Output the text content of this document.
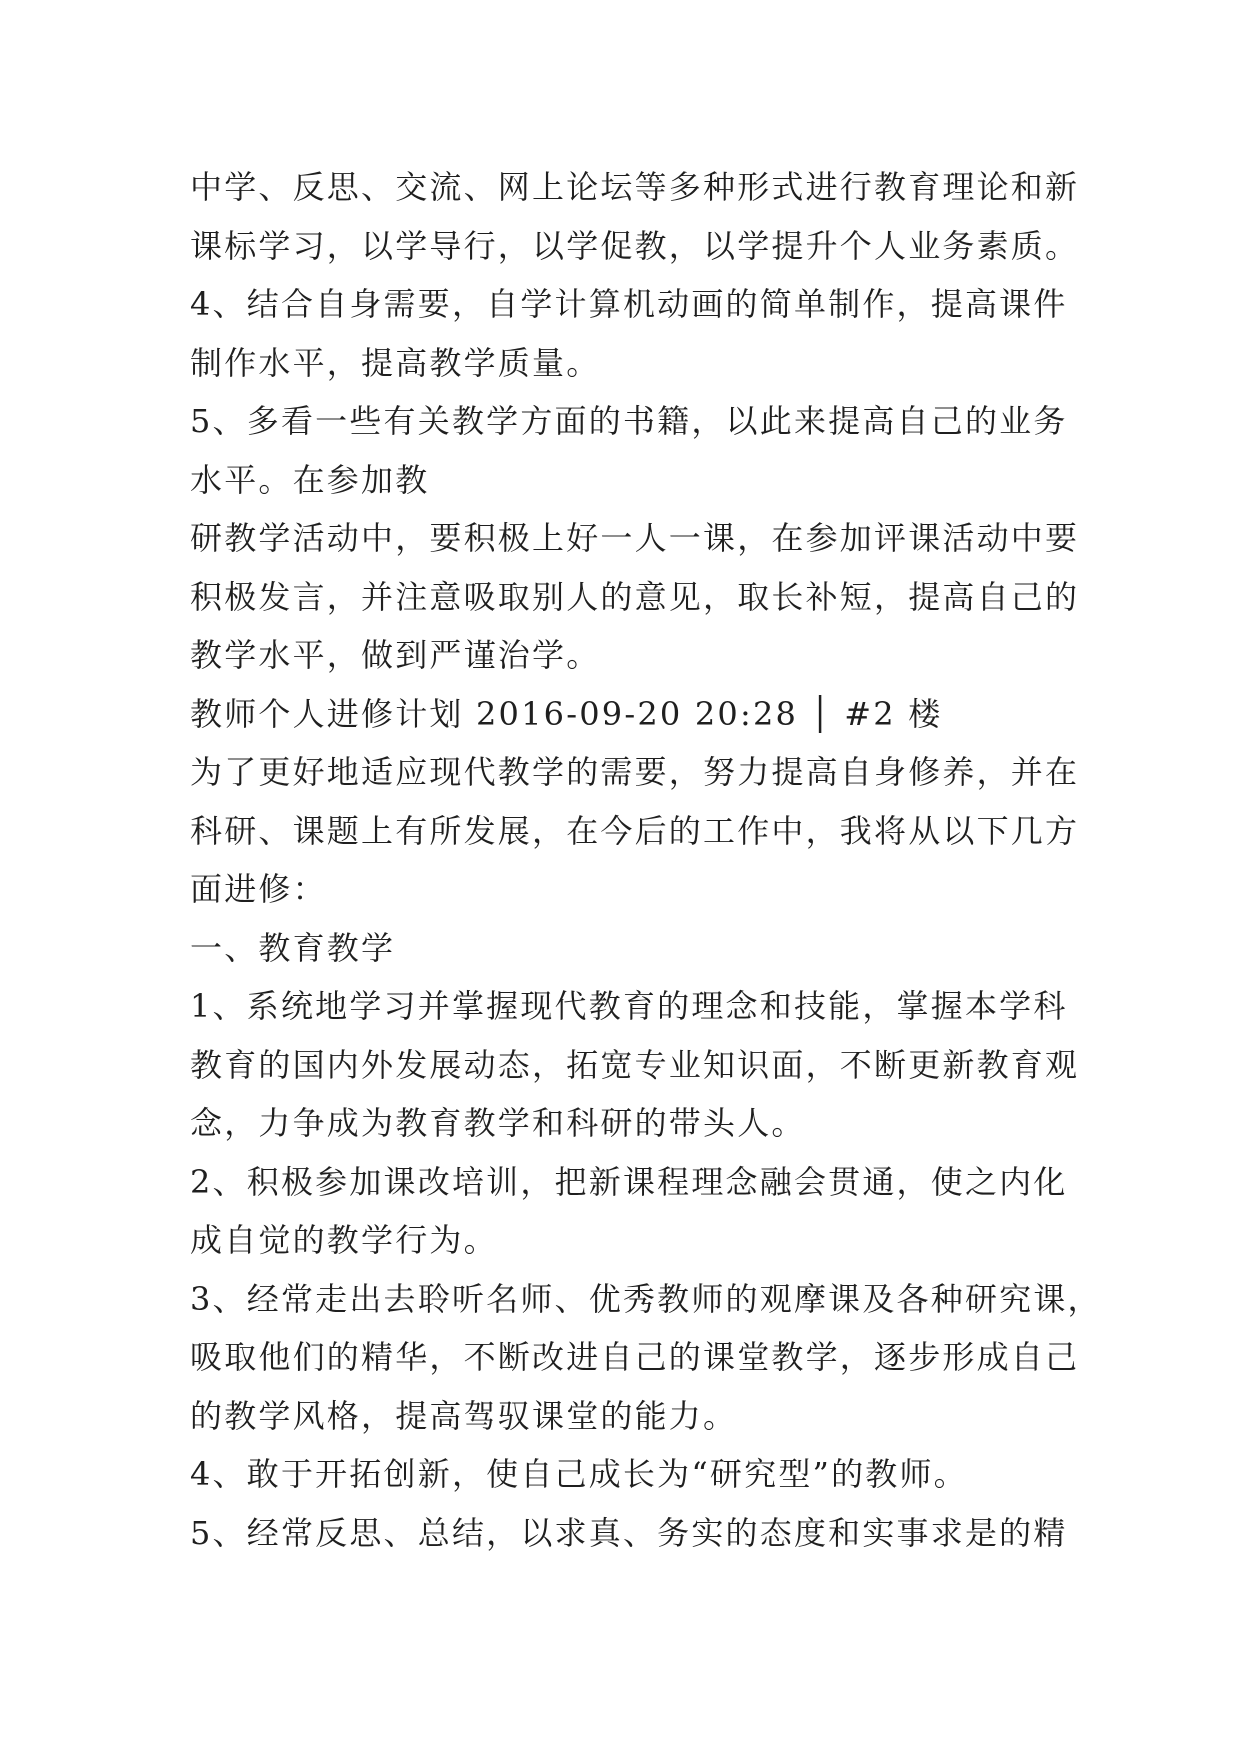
中学、反思、交流、网上论坛等多种形式进行教育理论和新

课标学习，以学导行，以学促教，以学提升个人业务素质。

4、结合自身需要，自学计算机动画的简单制作，提高课件

制作水平，提高教学质量。

5、多看一些有关教学方面的书籍，以此来提高自己的业务

水平。在参加教

研教学活动中，要积极上好一人一课，在参加评课活动中要

积极发言，并注意吸取别人的意见，取长补短，提高自己的

教学水平，做到严谨治学。

教师个人进修计划 2016-09-20 20:28 │ #2 楼

为了更好地适应现代教学的需要，努力提高自身修养，并在

科研、课题上有所发展，在今后的工作中，我将从以下几方

面进修：

一、教育教学

1、系统地学习并掌握现代教育的理念和技能，掌握本学科

教育的国内外发展动态，拓宽专业知识面，不断更新教育观

念，力争成为教育教学和科研的带头人。

2、积极参加课改培训，把新课程理念融会贯通，使之内化

成自觉的教学行为。

3、经常走出去聆听名师、优秀教师的观摩课及各种研究课，

吸取他们的精华，不断改进自己的课堂教学，逐步形成自己

的教学风格，提高驾驭课堂的能力。

4、敢于开拓创新，使自己成长为“研究型”的教师。

5、经常反思、总结，以求真、务实的态度和实事求是的精
